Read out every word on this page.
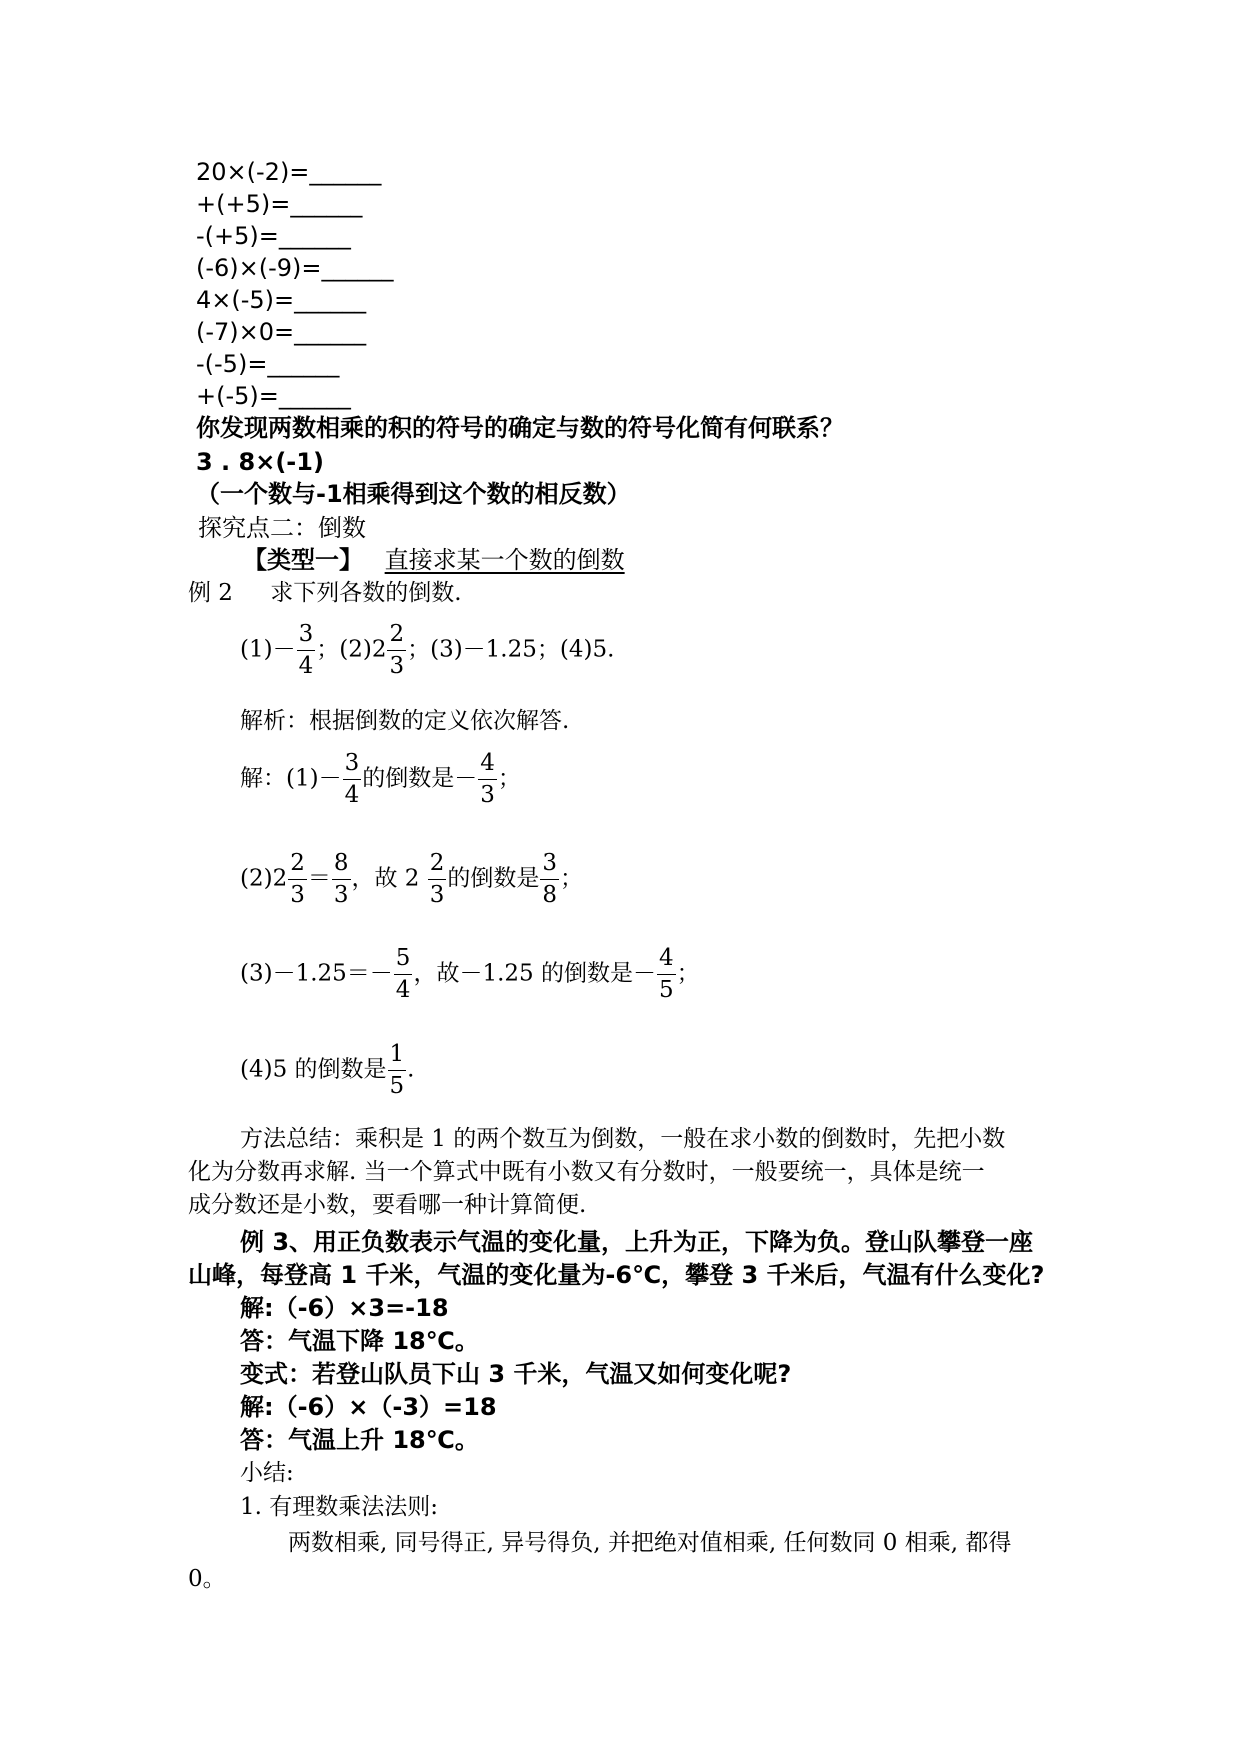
20×(-2)=______
+(+5)=______
-(+5)=______
(-6)×(-9)=______
4×(-5)=______
(-7)×0=______
-(-5)=______
+(-5)=______
你发现两数相乘的积的符号的确定与数的符号化简有何联系？
3 . 8×(-1)
（一个数与-1相乘得到这个数的相反数）
探究点二：倒数
【类型一】 直接求某一个数的倒数
例 2 求下列各数的倒数.
$(1)- \frac{3}{4}$ ；$(2)2 \frac{2}{3}$ ；(3)－1.25；(4)5.
解析：根据倒数的定义依次解答.
解：$(1)- \frac{3}{4}$ 的倒数是－ $\frac{4}{3}$ ；
$(2)2 \frac{2}{3} = \frac{8}{3}$ ，故 $2 \frac{2}{3}$ 的倒数是 $\frac{3}{8}$ ；
$(3)-1.25=- \frac{5}{4}$ ，故－1.25 的倒数是－ $\frac{4}{5}$ ；
(4)5 的倒数是 $\frac{1}{5}$ .
方法总结：乘积是 1 的两个数互为倒数，一般在求小数的倒数时，先把小数
化为分数再求解. 当一个算式中既有小数又有分数时，一般要统一，具体是统一
成分数还是小数，要看哪一种计算简便.
例 3、用正负数表示气温的变化量，上升为正，下降为负。登山队攀登一座
山峰，每登高 1 千米，气温的变化量为-6℃，攀登 3 千米后，气温有什么变化?
解:（-6）×3=-18
答：气温下降 18℃。
变式：若登山队员下山 3 千米，气温又如何变化呢?
解:（-6）×（-3）=18
答：气温上升 18℃。
小结:
1. 有理数乘法法则:
两数相乘, 同号得正, 异号得负, 并把绝对值相乘, 任何数同 0 相乘, 都得
0。
